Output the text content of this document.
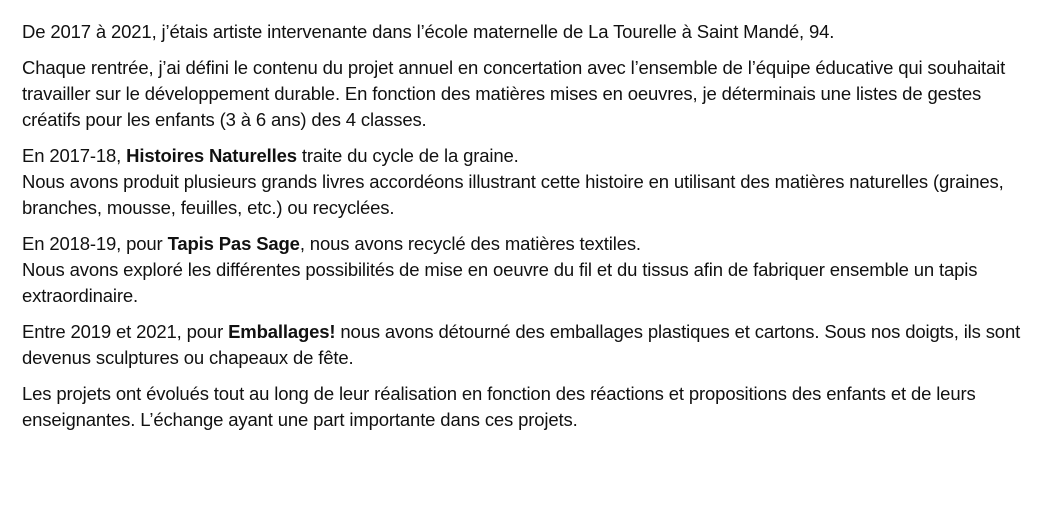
De 2017 à 2021, j’étais artiste intervenante dans l’école maternelle de La Tourelle à Saint Mandé, 94.

Chaque rentrée, j’ai défini le contenu du projet annuel en concertation avec l’ensemble de l’équipe éducative qui souhaitait travailler sur le développement durable. En fonction des matières mises en oeuvres, je déterminais une listes de gestes créatifs pour les enfants (3 à 6 ans) des 4 classes.

En 2017-18, Histoires Naturelles traite du cycle de la graine.
Nous avons produit plusieurs grands livres accordéons illustrant cette histoire en utilisant des matières naturelles (graines, branches, mousse, feuilles, etc.) ou recyclées.

En 2018-19, pour Tapis Pas Sage, nous avons recyclé des matières textiles.
Nous avons exploré les différentes possibilités de mise en oeuvre du fil et du tissus afin de fabriquer ensemble un tapis extraordinaire.

Entre 2019 et 2021, pour Emballages! nous avons détourné des emballages plastiques et cartons. Sous nos doigts, ils sont devenus sculptures ou chapeaux de fête.

Les projets ont évolués tout au long de leur réalisation en fonction des réactions et propositions des enfants et de leurs enseignantes. L’échange ayant une part importante dans ces projets.
